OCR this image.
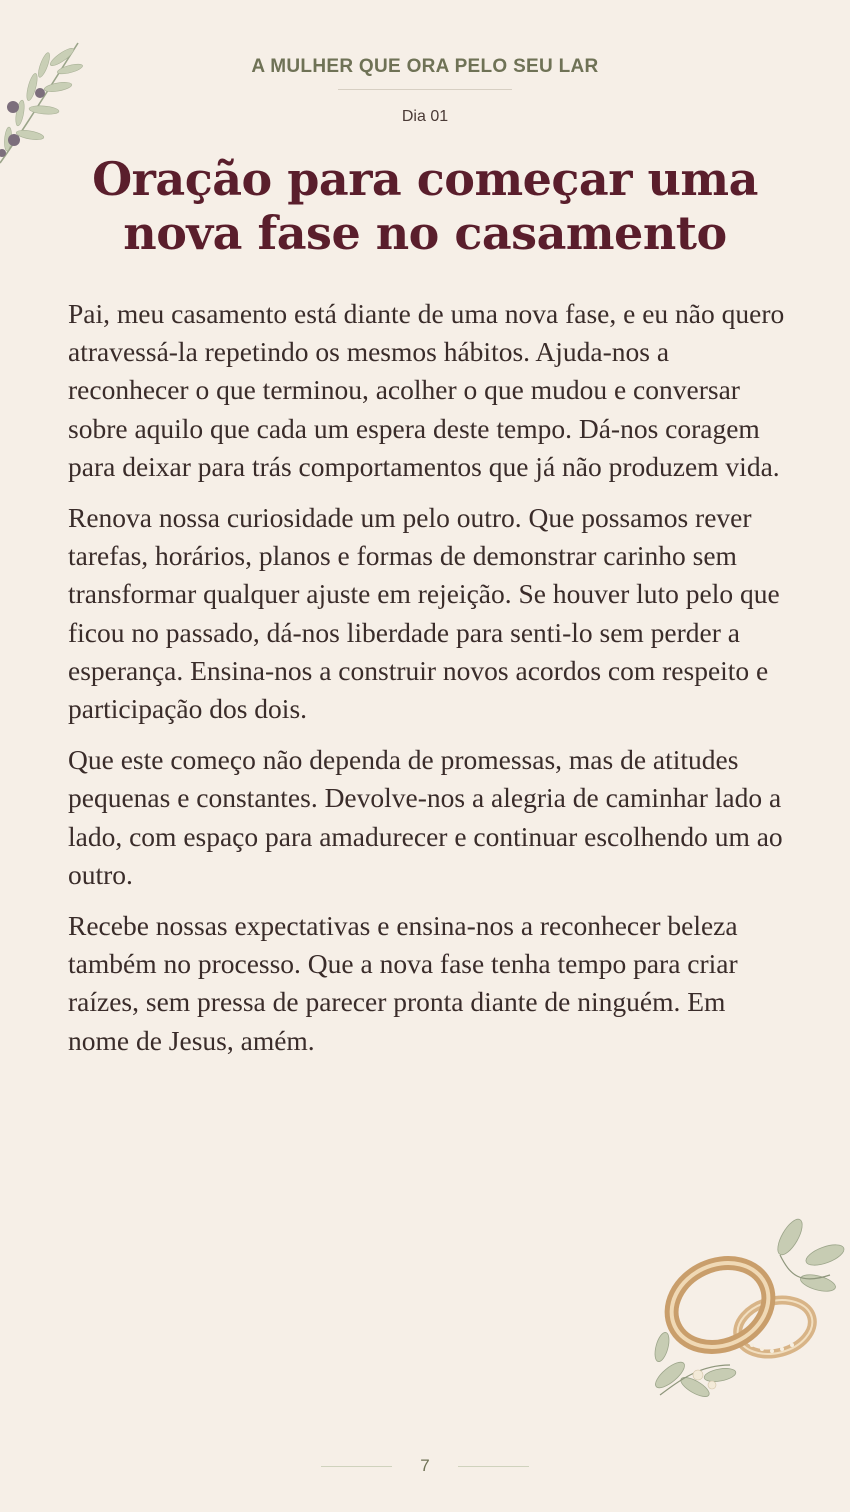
A MULHER QUE ORA PELO SEU LAR
Dia 01
Oração para começar uma nova fase no casamento

Pai, meu casamento está diante de uma nova fase, e eu não quero atravessá-la repetindo os mesmos hábitos. Ajuda-nos a reconhecer o que terminou, acolher o que mudou e conversar sobre aquilo que cada um espera deste tempo. Dá-nos coragem para deixar para trás comportamentos que já não produzem vida.

Renova nossa curiosidade um pelo outro. Que possamos rever tarefas, horários, planos e formas de demonstrar carinho sem transformar qualquer ajuste em rejeição. Se houver luto pelo que ficou no passado, dá-nos liberdade para senti-lo sem perder a esperança. Ensina-nos a construir novos acordos com respeito e participação dos dois.

Que este começo não dependa de promessas, mas de atitudes pequenas e constantes. Devolve-nos a alegria de caminhar lado a lado, com espaço para amadurecer e continuar escolhendo um ao outro.

Recebe nossas expectativas e ensina-nos a reconhecer beleza também no processo. Que a nova fase tenha tempo para criar raízes, sem pressa de parecer pronta diante de ninguém. Em nome de Jesus, amém.

7
